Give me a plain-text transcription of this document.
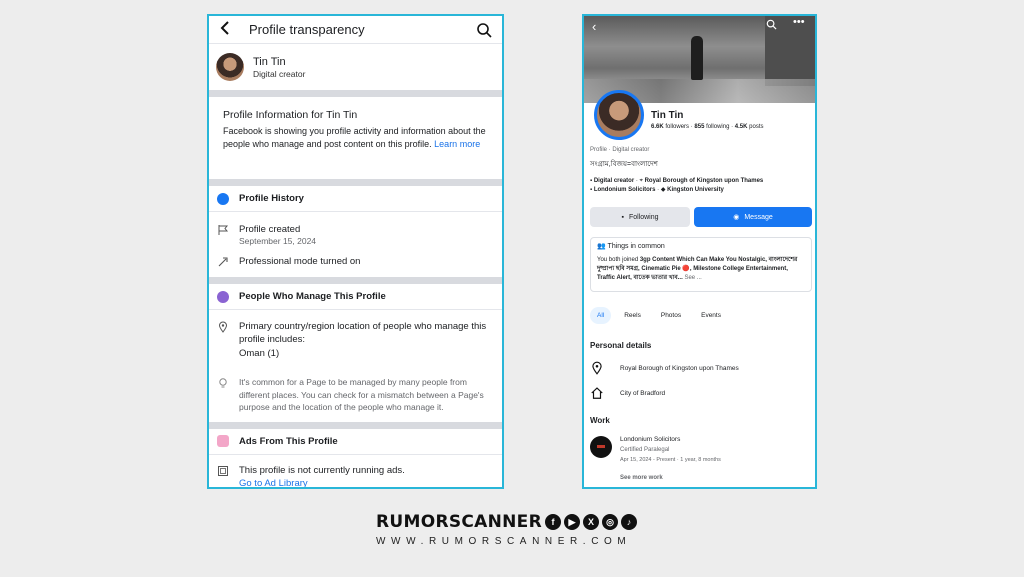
Profile transparency
Tin Tin
Digital creator
Profile Information for Tin Tin
Facebook is showing you profile activity and information about the people who manage and post content on this profile. Learn more
Profile History
Profile created
September 15, 2024
Professional mode turned on
People Who Manage This Profile
Primary country/region location of people who manage this profile includes:
Oman (1)
It's common for a Page to be managed by many people from different places. You can check for a mismatch between a Page's purpose and the location of the people who manage it.
Ads From This Profile
This profile is not currently running ads.
Go to Ad Library
‹	•••
Tin Tin
6.6K followers · 855 following · 4.5K posts
Profile · Digital creator
সংগ্রাম,বিজয়=বাংলাদেশ
▪ Digital creator · ⌖ Royal Borough of Kingston upon Thames
▪ Londonium Solicitors · ◆ Kingston University
▪ Following	◉ Message
👥 Things in common
You both joined 3gp Content Which Can Make You Nostalgic, বাংলাদেশের দুষ্প্রাপ্য ছবি সমগ্র, Cinematic Pie 🔴, Milestone College Entertainment, Traffic Alert, বাতেক ভাতার খাব... See ...
All	Reels	Photos	Events
Personal details
Royal Borough of Kingston upon Thames
City of Bradford
Work
Londonium Solicitors
Certified Paralegal
Apr 15, 2024 - Present · 1 year, 8 months
See more work
RUMORSCANNER	f	▶	X	◎	♪
WWW.RUMORSCANNER.COM
